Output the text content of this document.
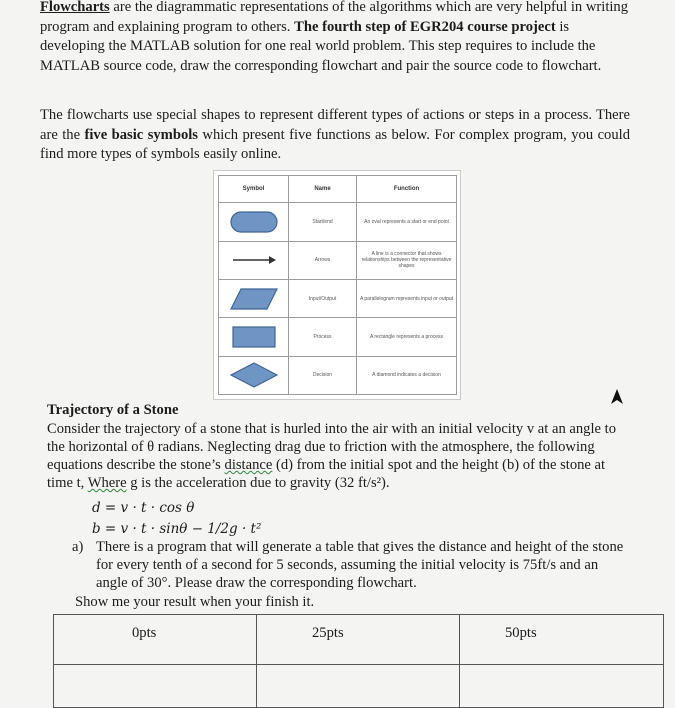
Flowcharts are the diagrammatic representations of the algorithms which are very helpful in writing program and explaining program to others. The fourth step of EGR204 course project is developing the MATLAB solution for one real world problem. This step requires to include the MATLAB source code, draw the corresponding flowchart and pair the source code to flowchart.
The flowcharts use special shapes to represent different types of actions or steps in a process. There are the five basic symbols which present five functions as below. For complex program, you could find more types of symbols easily online.
Symbol	Name	Function

	Start/end	An oval represents a start or end point

	Arrows	A line is a connector that shows relationships between the representative shapes

	Input/Output	A parallelogram represents input or output

	Process	A rectangle represents a process

	Decision	A diamond indicates a decision
Trajectory of a Stone
Consider the trajectory of a stone that is hurled into the air with an initial velocity v at an angle to the horizontal of θ radians. Neglecting drag due to friction with the atmosphere, the following equations describe the stone’s distance (d) from the initial spot and the height (b) of the stone at time t, Where g is the acceleration due to gravity (32 ft/s²).
d = v · t · cos θ
b = v · t · sinθ − 1/2g · t²
a) There is a program that will generate a table that gives the distance and height of the stone for every tenth of a second for 5 seconds, assuming the initial velocity is 75ft/s and an angle of 30°. Please draw the corresponding flowchart.
Show me your result when your finish it.
0pts	25pts	50pts
